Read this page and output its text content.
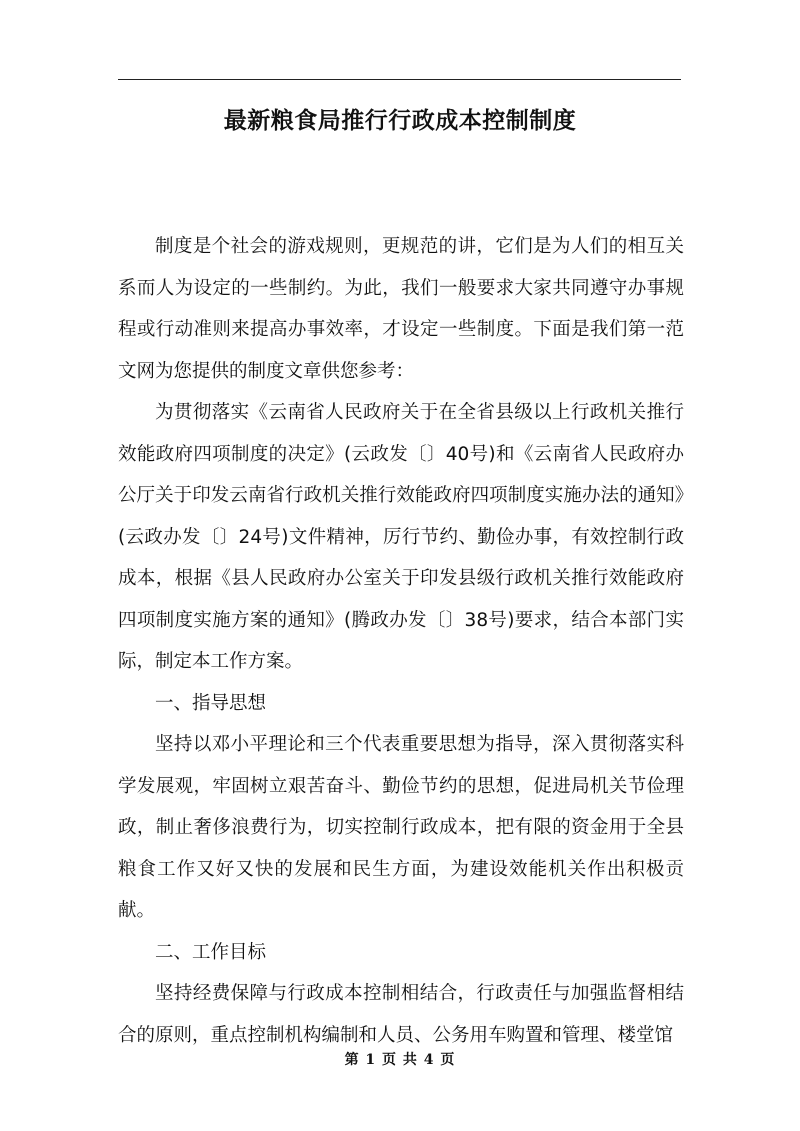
最新粮食局推行行政成本控制制度

制度是个社会的游戏规则，更规范的讲，它们是为人们的相互关系而人为设定的一些制约。为此，我们一般要求大家共同遵守办事规程或行动准则来提高办事效率，才设定一些制度。下面是我们第一范文网为您提供的制度文章供您参考：

为贯彻落实《云南省人民政府关于在全省县级以上行政机关推行效能政府四项制度的决定》(云政发〔〕40号)和《云南省人民政府办公厅关于印发云南省行政机关推行效能政府四项制度实施办法的通知》(云政办发〔〕24号)文件精神，厉行节约、勤俭办事，有效控制行政成本，根据《县人民政府办公室关于印发县级行政机关推行效能政府四项制度实施方案的通知》(腾政办发〔〕38号)要求，结合本部门实际，制定本工作方案。

一、指导思想

坚持以邓小平理论和三个代表重要思想为指导，深入贯彻落实科学发展观，牢固树立艰苦奋斗、勤俭节约的思想，促进局机关节俭理政，制止奢侈浪费行为，切实控制行政成本，把有限的资金用于全县粮食工作又好又快的发展和民生方面，为建设效能机关作出积极贡献。

二、工作目标

坚持经费保障与行政成本控制相结合，行政责任与加强监督相结合的原则，重点控制机构编制和人员、公务用车购置和管理、楼堂馆

第 1 页 共 4 页
